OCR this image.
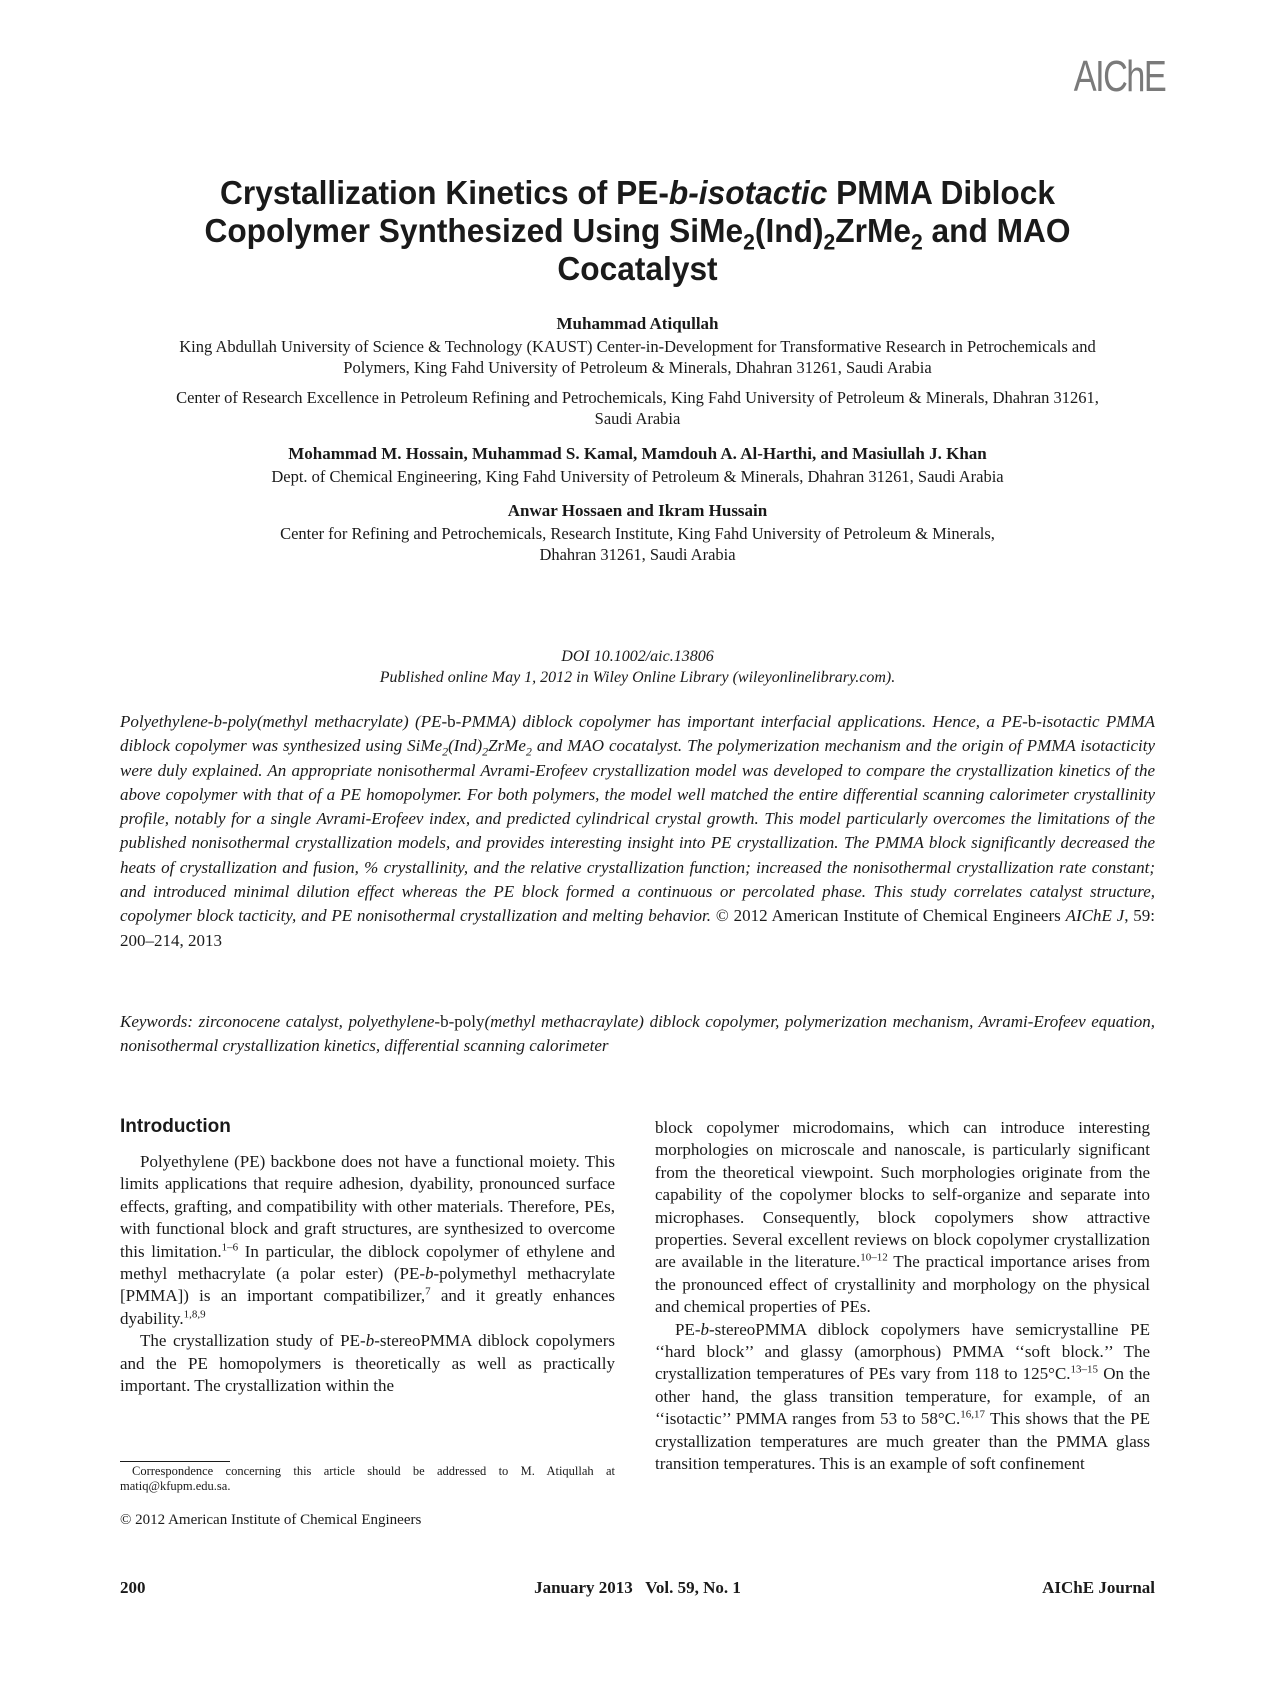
AIChE
Crystallization Kinetics of PE-b-isotactic PMMA Diblock
Copolymer Synthesized Using $SiMe_2(Ind)_2ZrMe_2$ and MAO
Cocatalyst
Muhammad Atiqullah
King Abdullah University of Science & Technology (KAUST) Center-in-Development for Transformative Research in Petrochemicals and Polymers, King Fahd University of Petroleum & Minerals, Dhahran 31261, Saudi Arabia
Center of Research Excellence in Petroleum Refining and Petrochemicals, King Fahd University of Petroleum & Minerals, Dhahran 31261, Saudi Arabia
Mohammad M. Hossain, Muhammad S. Kamal, Mamdouh A. Al-Harthi, and Masiullah J. Khan
Dept. of Chemical Engineering, King Fahd University of Petroleum & Minerals, Dhahran 31261, Saudi Arabia
Anwar Hossaen and Ikram Hussain
Center for Refining and Petrochemicals, Research Institute, King Fahd University of Petroleum & Minerals, Dhahran 31261, Saudi Arabia
DOI 10.1002/aic.13806
Published online May 1, 2012 in Wiley Online Library (wileyonlinelibrary.com).
Polyethylene-b-poly(methyl methacrylate) (PE-b-PMMA) diblock copolymer has important interfacial applications. Hence, a PE-b-isotactic PMMA diblock copolymer was synthesized using $SiMe_2(Ind)_2ZrMe_2$ and MAO cocatalyst. The polymerization mechanism and the origin of PMMA isotacticity were duly explained. An appropriate nonisothermal Avrami-Erofeev crystallization model was developed to compare the crystallization kinetics of the above copolymer with that of a PE homopolymer. For both polymers, the model well matched the entire differential scanning calorimeter crystallinity profile, notably for a single Avrami-Erofeev index, and predicted cylindrical crystal growth. This model particularly overcomes the limitations of the published nonisothermal crystallization models, and provides interesting insight into PE crystallization. The PMMA block significantly decreased the heats of crystallization and fusion, % crystallinity, and the relative crystallization function; increased the nonisothermal crystallization rate constant; and introduced minimal dilution effect whereas the PE block formed a continuous or percolated phase. This study correlates catalyst structure, copolymer block tacticity, and PE nonisothermal crystallization and melting behavior. © 2012 American Institute of Chemical Engineers AIChE J, 59: 200–214, 2013
Keywords: zirconocene catalyst, polyethylene-b-poly(methyl methacraylate) diblock copolymer, polymerization mechanism, Avrami-Erofeev equation, nonisothermal crystallization kinetics, differential scanning calorimeter
Introduction

Polyethylene (PE) backbone does not have a functional moiety. This limits applications that require adhesion, dyability, pronounced surface effects, grafting, and compatibility with other materials. Therefore, PEs, with functional block and graft structures, are synthesized to overcome this limitation.$^{1-6}$ In particular, the diblock copolymer of ethylene and methyl methacrylate (a polar ester) (PE-b-polymethyl methacrylate [PMMA]) is an important compatibilizer,$^7$ and it greatly enhances dyability.$^{1,8,9}$

The crystallization study of PE-b-stereoPMMA diblock copolymers and the PE homopolymers is theoretically as well as practically important. The crystallization within the

block copolymer microdomains, which can introduce interesting morphologies on microscale and nanoscale, is particularly significant from the theoretical viewpoint. Such morphologies originate from the capability of the copolymer blocks to self-organize and separate into microphases. Consequently, block copolymers show attractive properties. Several excellent reviews on block copolymer crystallization are available in the literature.$^{10-12}$ The practical importance arises from the pronounced effect of crystallinity and morphology on the physical and chemical properties of PEs.

PE-b-stereoPMMA diblock copolymers have semicrystalline PE ‘‘hard block’’ and glassy (amorphous) PMMA ‘‘soft block.’’ The crystallization temperatures of PEs vary from 118 to 125°C.$^{13-15}$ On the other hand, the glass transition temperature, for example, of an ‘‘isotactic’’ PMMA ranges from 53 to 58°C.$^{16,17}$ This shows that the PE crystallization temperatures are much greater than the PMMA glass transition temperatures. This is an example of soft confinement

Correspondence concerning this article should be addressed to M. Atiqullah at matiq@kfupm.edu.sa.
© 2012 American Institute of Chemical Engineers
200	January 2013   Vol. 59, No. 1	AIChE Journal
